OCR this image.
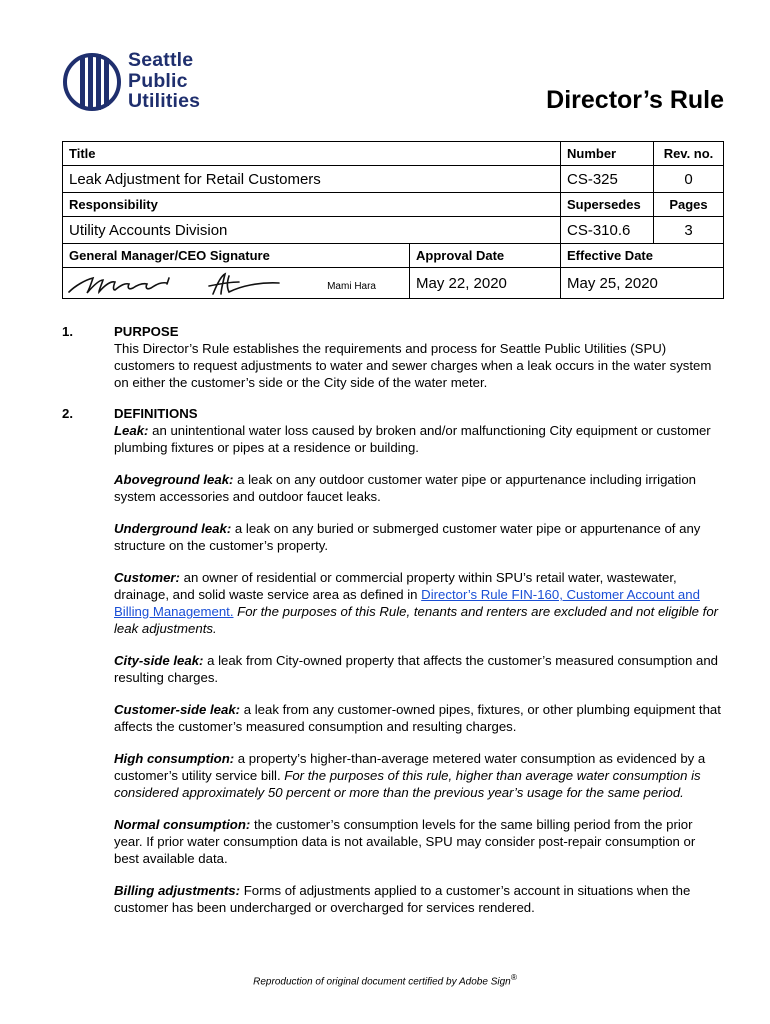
Seattle
Public
Utilities	Director’s Rule
Title		Number	Rev. no.
Leak Adjustment for Retail Customers		CS-325	0
Responsibility		Supersedes	Pages
Utility Accounts Division		CS-310.6	3
General Manager/CEO Signature	Approval Date	Effective Date	

Mami Hara	May 22, 2020	May 25, 2020	
1.	PURPOSE
This Director’s Rule establishes the requirements and process for Seattle Public Utilities (SPU) customers to request adjustments to water and sewer charges when a leak occurs in the water system on either the customer’s side or the City side of the water meter.
2.	DEFINITIONS

Leak: an unintentional water loss caused by broken and/or malfunctioning City equipment or customer plumbing fixtures or pipes at a residence or building.

Aboveground leak: a leak on any outdoor customer water pipe or appurtenance including irrigation system accessories and outdoor faucet leaks.

Underground leak: a leak on any buried or submerged customer water pipe or appurtenance of any structure on the customer’s property.

Customer: an owner of residential or commercial property within SPU’s retail water, wastewater, drainage, and solid waste service area as defined in Director’s Rule FIN-160, Customer Account and Billing Management. For the purposes of this Rule, tenants and renters are excluded and not eligible for leak adjustments.

City-side leak: a leak from City-owned property that affects the customer’s measured consumption and resulting charges.

Customer-side leak: a leak from any customer-owned pipes, fixtures, or other plumbing equipment that affects the customer’s measured consumption and resulting charges.

High consumption: a property’s higher-than-average metered water consumption as evidenced by a customer’s utility service bill. For the purposes of this rule, higher than average water consumption is considered approximately 50 percent or more than the previous year’s usage for the same period.

Normal consumption: the customer’s consumption levels for the same billing period from the prior year. If prior water consumption data is not available, SPU may consider post-repair consumption or best available data.

Billing adjustments: Forms of adjustments applied to a customer’s account in situations when the customer has been undercharged or overcharged for services rendered.

Reproduction of original document certified by Adobe Sign®
